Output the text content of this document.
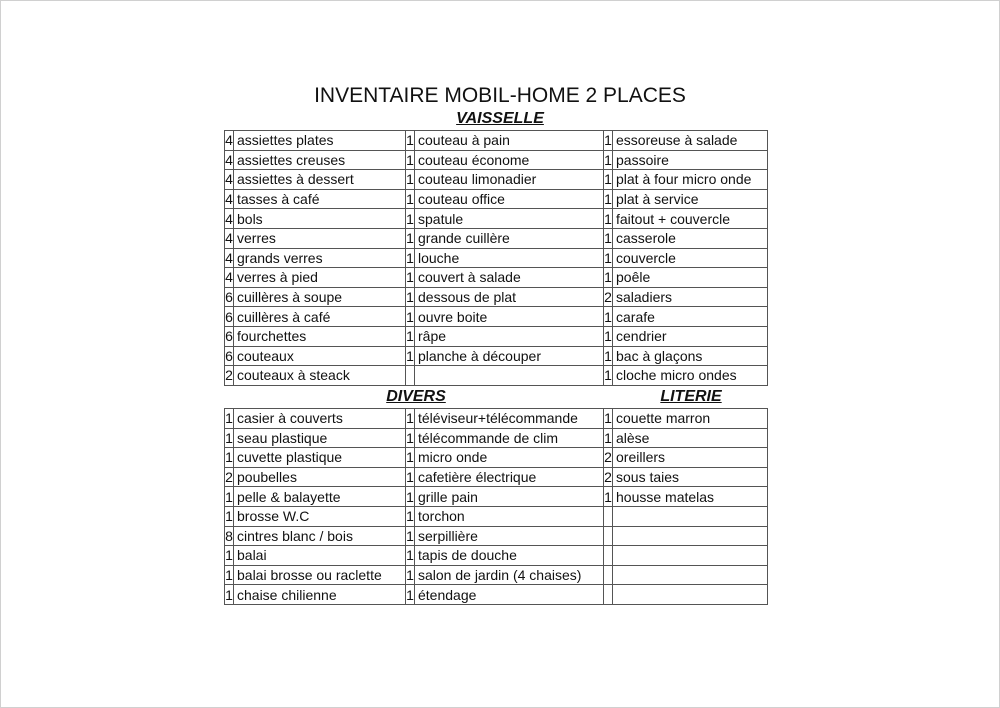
INVENTAIRE MOBIL-HOME 2 PLACES
VAISSELLE
4	assiettes plates	1	couteau à pain	1	essoreuse à salade
4	assiettes creuses	1	couteau économe	1	passoire
4	assiettes à dessert	1	couteau limonadier	1	plat à four micro onde
4	tasses à café	1	couteau office	1	plat à service
4	bols	1	spatule	1	faitout + couvercle
4	verres	1	grande cuillère	1	casserole
4	grands verres	1	louche	1	couvercle
4	verres à pied	1	couvert à salade	1	poêle
6	cuillères à soupe	1	dessous de plat	2	saladiers
6	cuillères à café	1	ouvre boite	1	carafe
6	fourchettes	1	râpe	1	cendrier
6	couteaux	1	planche à découper	1	bac à glaçons
2	couteaux à steack			1	cloche micro ondes
DIVERS	LITERIE
1	casier à couverts	1	téléviseur+télécommande	1	couette marron
1	seau plastique	1	télécommande de clim	1	alèse
1	cuvette plastique	1	micro onde	2	oreillers
2	poubelles	1	cafetière électrique	2	sous taies
1	pelle & balayette	1	grille pain	1	housse matelas
1	brosse W.C	1	torchon		
8	cintres blanc / bois	1	serpillière		
1	balai	1	tapis de douche		
1	balai brosse ou raclette	1	salon de jardin (4 chaises)		
1	chaise chilienne	1	étendage		
